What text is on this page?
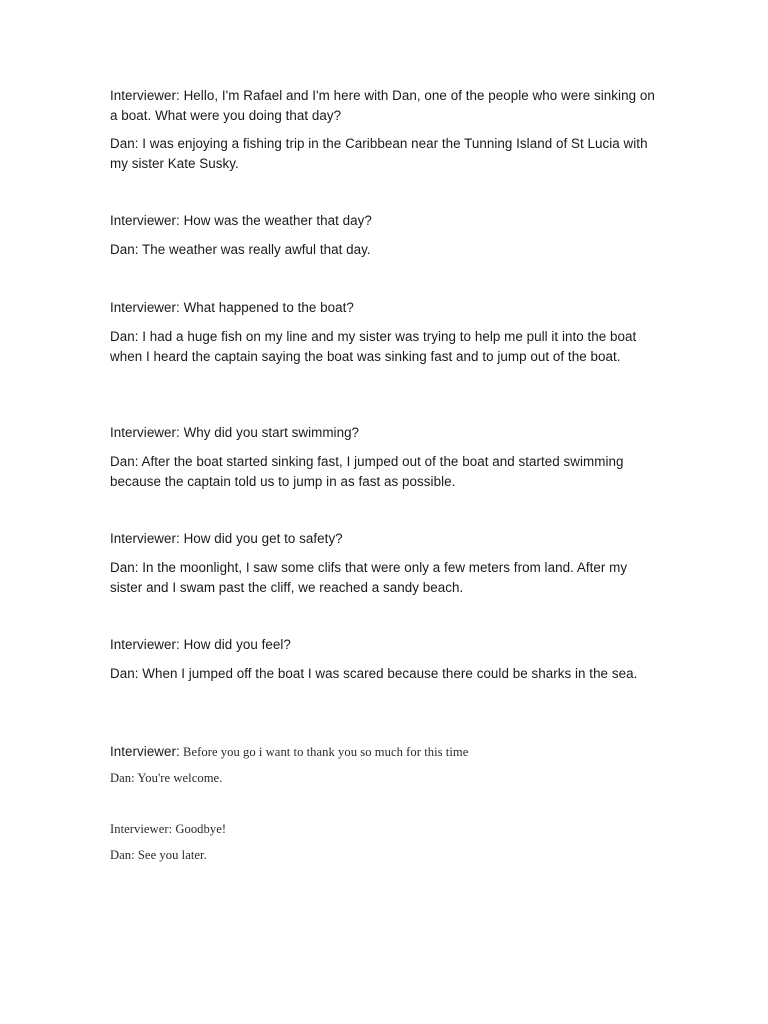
Interviewer: Hello, I'm Rafael and I'm here with Dan, one of the people who were sinking on a boat. What were you doing that day?

Dan: I was enjoying a fishing trip in the Caribbean near the Tunning Island of St Lucia with my sister Kate Susky.

Interviewer: How was the weather that day?

Dan: The weather was really awful that day.

Interviewer: What happened to the boat?

Dan: I had a huge fish on my line and my sister was trying to help me pull it into the boat when I heard the captain saying the boat was sinking fast and to jump out of the boat.

Interviewer: Why did you start swimming?

Dan: After the boat started sinking fast, I jumped out of the boat and started swimming because the captain told us to jump in as fast as possible.

Interviewer: How did you get to safety?

Dan: In the moonlight, I saw some clifs that were only a few meters from land. After my sister and I swam past the cliff, we reached a sandy beach.

Interviewer: How did you feel?

Dan: When I jumped off the boat I was scared because there could be sharks in the sea.

Interviewer: Before you go i want to thank you so much for this time

Dan: You're welcome.

Interviewer: Goodbye!

Dan: See you later.
